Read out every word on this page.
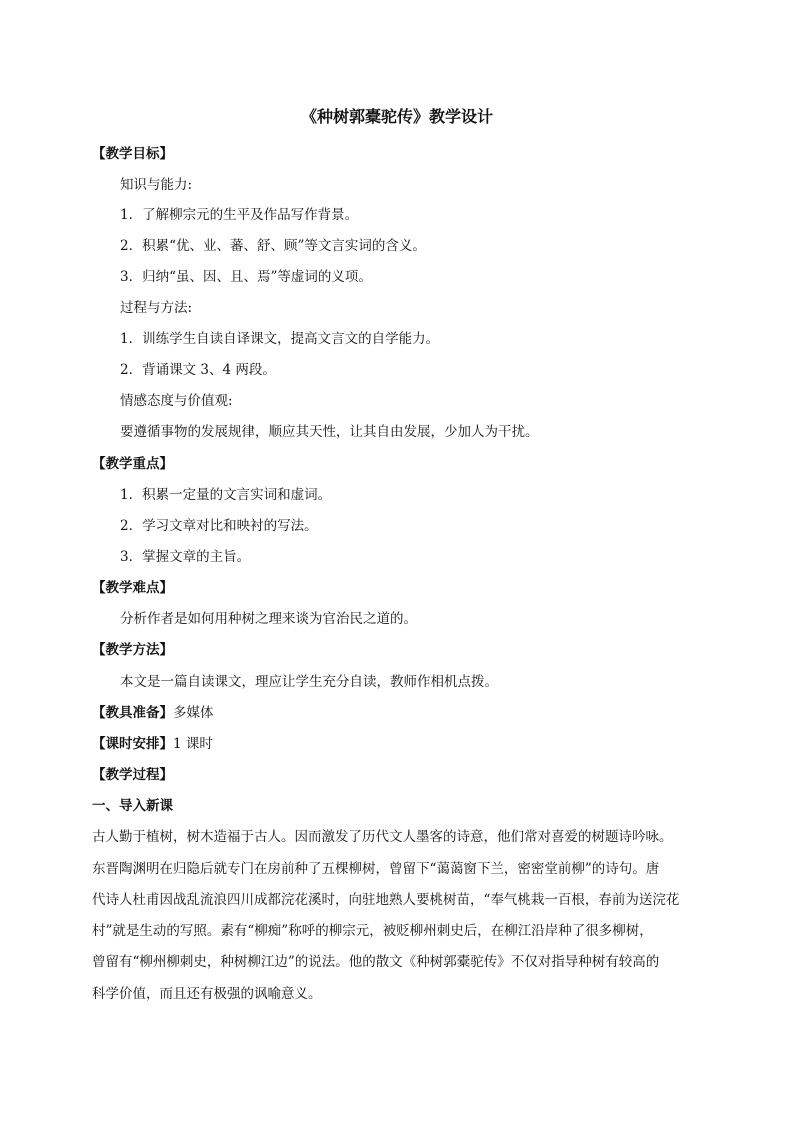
《种树郭橐驼传》教学设计
【教学目标】
知识与能力:
1．了解柳宗元的生平及作品写作背景。
2．积累“优、业、蕃、舒、顾”等文言实词的含义。
3．归纳“虽、因、且、焉”等虚词的义项。
过程与方法:
1．训练学生自读自译课文，提高文言文的自学能力。
2．背诵课文 3、4 两段。
情感态度与价值观:
要遵循事物的发展规律，顺应其天性，让其自由发展，少加人为干扰。
【教学重点】
1．积累一定量的文言实词和虚词。
2．学习文章对比和映衬的写法。
3．掌握文章的主旨。
【教学难点】
分析作者是如何用种树之理来谈为官治民之道的。
【教学方法】
本文是一篇自读课文，理应让学生充分自读，教师作相机点拨。
【教具准备】多媒体
【课时安排】1 课时
【教学过程】
一、导入新课
古人勤于植树，树木造福于古人。因而激发了历代文人墨客的诗意，他们常对喜爱的树题诗吟咏。
东晋陶渊明在归隐后就专门在房前种了五棵柳树，曾留下“蔼蔼窗下兰，密密堂前柳”的诗句。唐
代诗人杜甫因战乱流浪四川成都浣花溪时，向驻地熟人要桃树苗，“奉气桃栽一百根，春前为送浣花
村”就是生动的写照。素有“柳痴”称呼的柳宗元，被贬柳州刺史后，在柳江沿岸种了很多柳树，
曾留有“柳州柳刺史，种树柳江边”的说法。他的散文《种树郭橐驼传》不仅对指导种树有较高的
科学价值，而且还有极强的讽喻意义。
